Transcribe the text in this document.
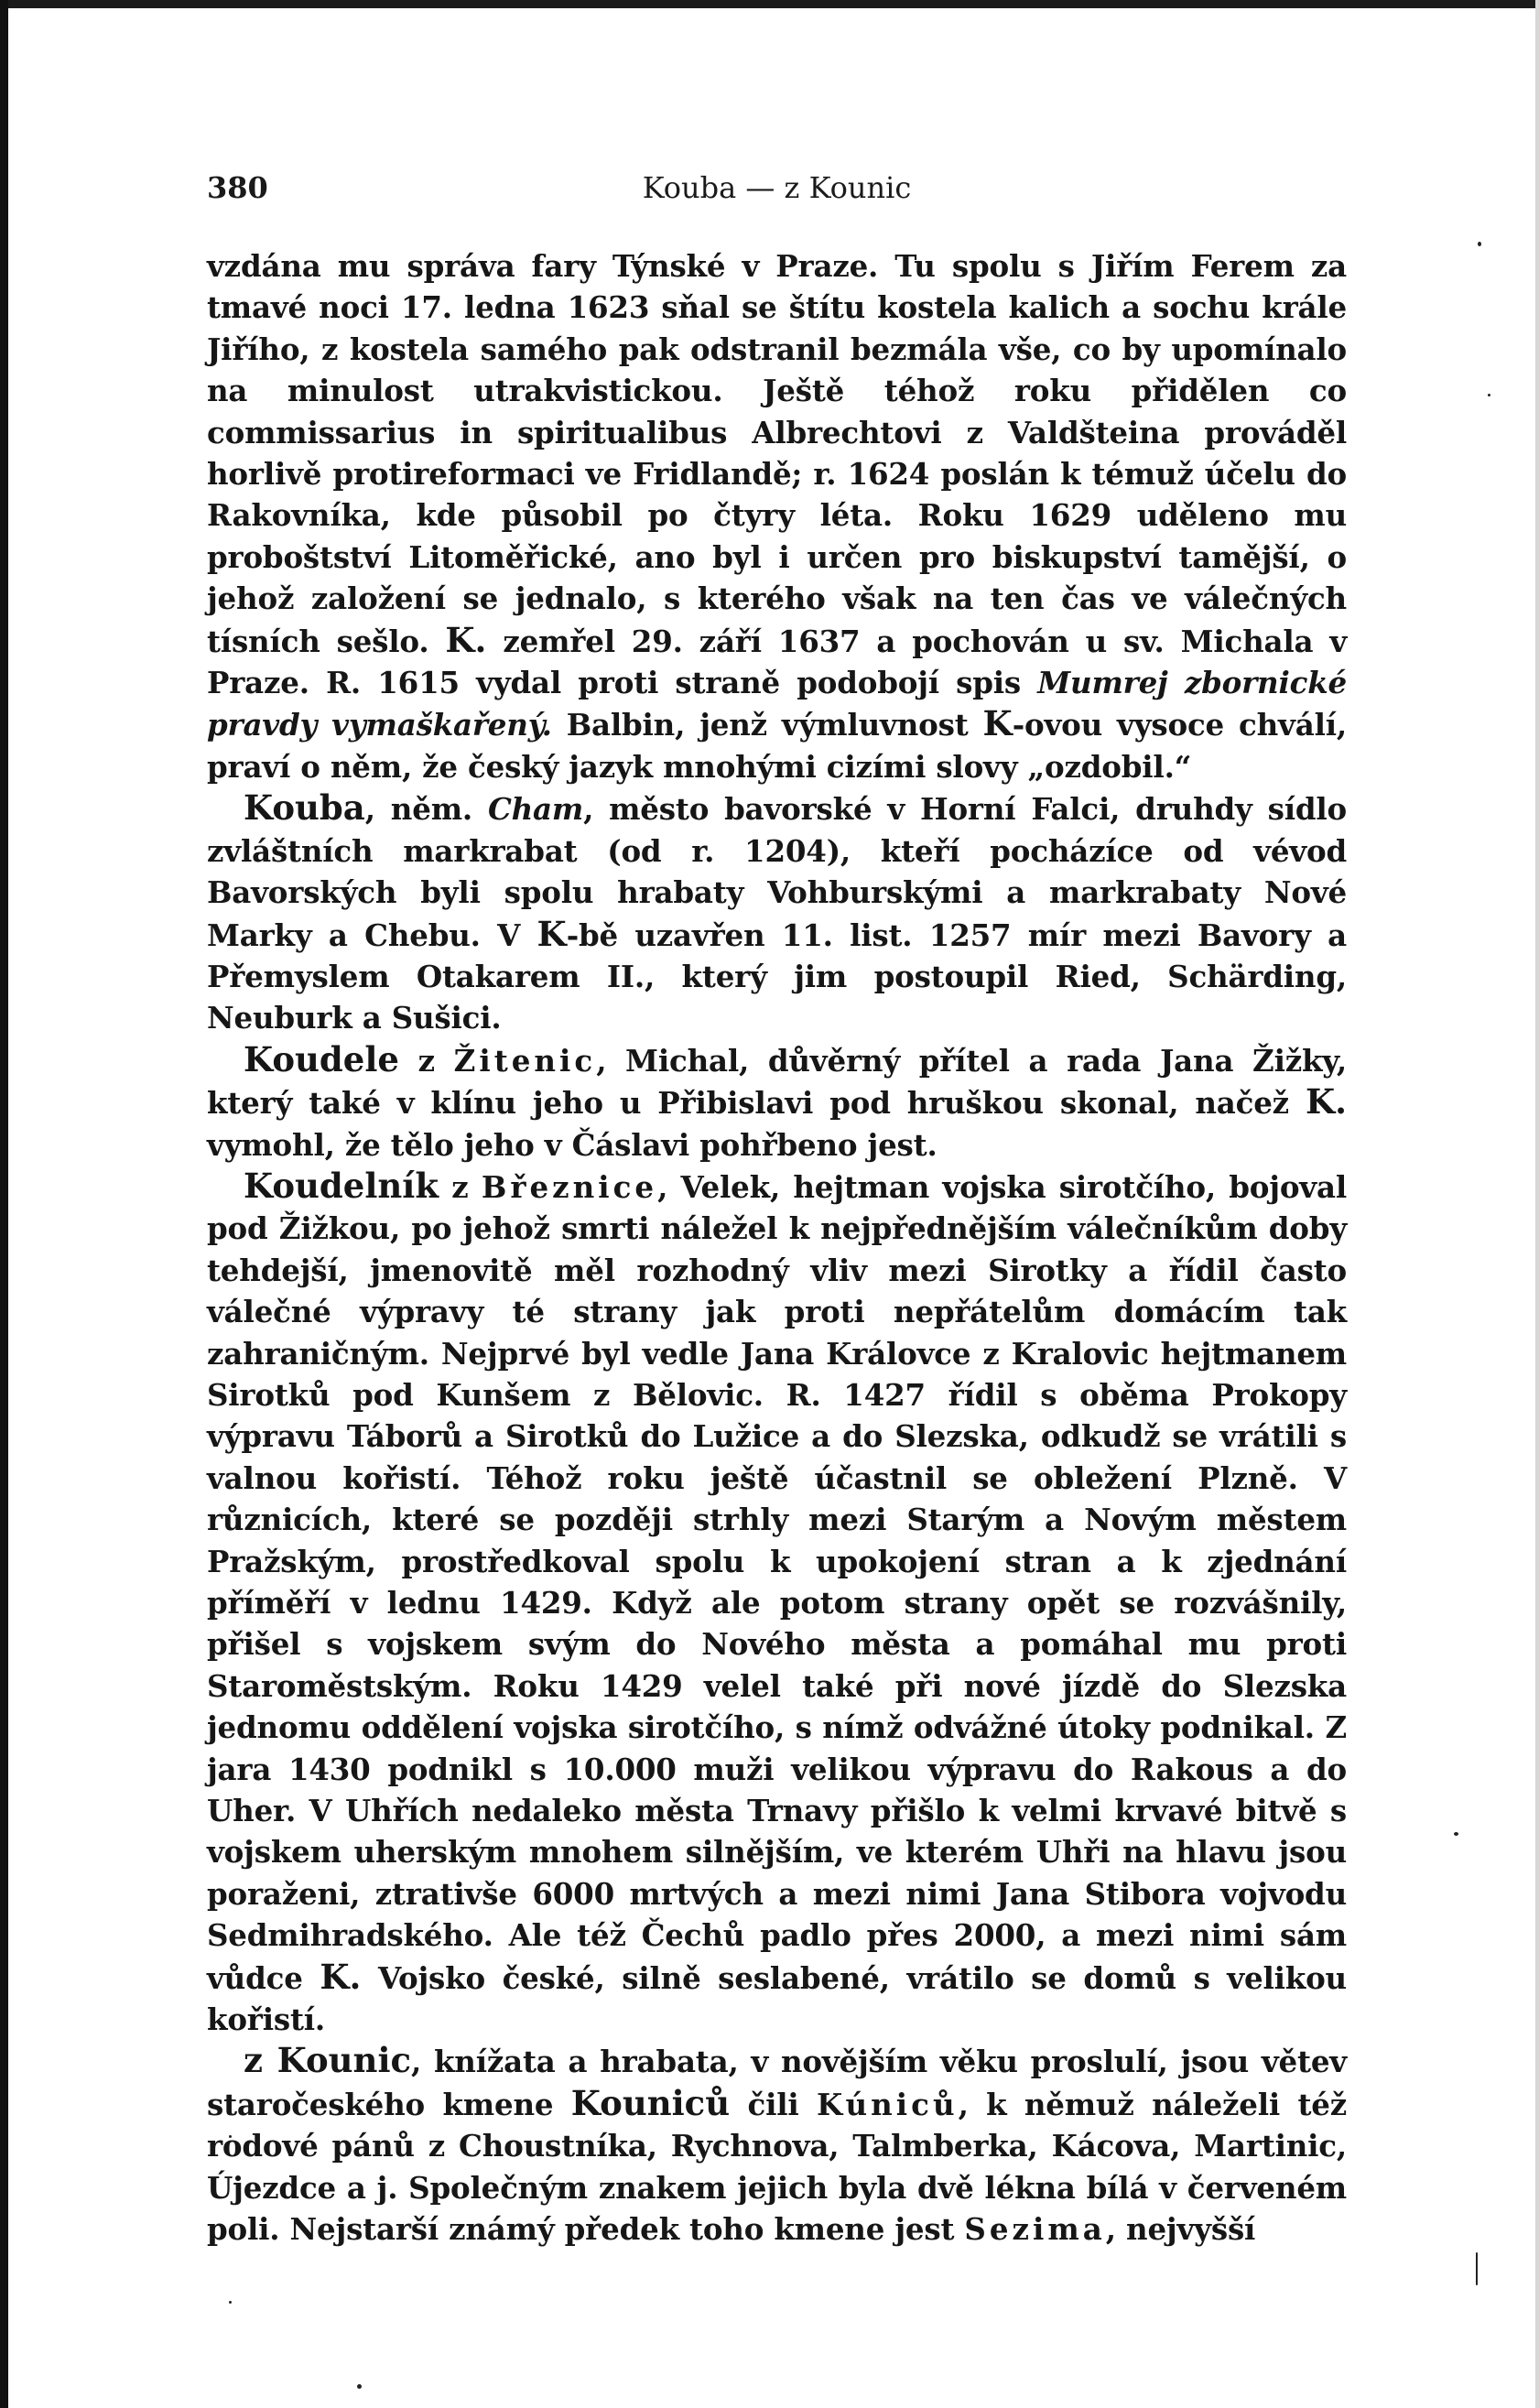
380	Kouba — z Kounic

vzdána mu správa fary Týnské v Praze. Tu spolu s Jiřím Ferem za tmavé noci 17. ledna 1623 sňal se štítu kostela kalich a sochu krále Jiřího, z kostela samého pak odstranil bezmála vše, co by upomínalo na minulost utrakvistickou. Ještě téhož roku přidělen co commissarius in spiritualibus Albrechtovi z Valdšteina prováděl horlivě protireformaci ve Fridlandě; r. 1624 poslán k témuž účelu do Rakovníka, kde působil po čtyry léta. Roku 1629 uděleno mu proboštství Litoměřické, ano byl i určen pro biskupství tamější, o jehož založení se jednalo, s kterého však na ten čas ve válečných tísních sešlo. K. zemřel 29. září 1637 a pochován u sv. Michala v Praze. R. 1615 vydal proti straně podobojí spis Mumrej zbornické pravdy vymaškařený. Balbin, jenž výmluvnost K-ovou vysoce chválí, praví o něm, že český jazyk mnohými cizími slovy „ozdobil.“

Kouba, něm. Cham, město bavorské v Horní Falci, druhdy sídlo zvláštních markrabat (od r. 1204), kteří pocházíce od vévod Bavorských byli spolu hrabaty Vohburskými a markrabaty Nové Marky a Chebu. V K-bě uzavřen 11. list. 1257 mír mezi Bavory a Přemyslem Otakarem II., který jim postoupil Ried, Schärding, Neuburk a Sušici.

Koudele z Žitenic, Michal, důvěrný přítel a rada Jana Žižky, který také v klínu jeho u Přibislavi pod hruškou skonal, načež K. vymohl, že tělo jeho v Čáslavi pohřbeno jest.

Koudelník z Březnice, Velek, hejtman vojska sirotčího, bojoval pod Žižkou, po jehož smrti náležel k nejpřednějším válečníkům doby tehdejší, jmenovitě měl rozhodný vliv mezi Sirotky a řídil často válečné výpravy té strany jak proti nepřátelům domácím tak zahraničným. Nejprvé byl vedle Jana Královce z Kralovic hejtmanem Sirotků pod Kunšem z Bělovic. R. 1427 řídil s oběma Prokopy výpravu Táborů a Sirotků do Lužice a do Slezska, odkudž se vrátili s valnou kořistí. Téhož roku ještě účastnil se obležení Plzně. V různicích, které se později strhly mezi Starým a Novým městem Pražským, prostředkoval spolu k upokojení stran a k zjednání příměří v lednu 1429. Když ale potom strany opět se rozvášnily, přišel s vojskem svým do Nového města a pomáhal mu proti Staroměstským. Roku 1429 velel také při nové jízdě do Slezska jednomu oddělení vojska sirotčího, s nímž odvážné útoky podnikal. Z jara 1430 podnikl s 10.000 muži velikou výpravu do Rakous a do Uher. V Uhřích nedaleko města Trnavy přišlo k velmi krvavé bitvě s vojskem uherským mnohem silnějším, ve kterém Uhři na hlavu jsou poraženi, ztrativše 6000 mrtvých a mezi nimi Jana Stibora vojvodu Sedmihradského. Ale též Čechů padlo přes 2000, a mezi nimi sám vůdce K. Vojsko české, silně seslabené, vrátilo se domů s velikou kořistí.

z Kounic, knížata a hrabata, v novějším věku proslulí, jsou větev staročeského kmene Kouniců čili Kúniců, k němuž náleželi též rodové pánů z Choustníka, Rychnova, Talmberka, Kácova, Martinic, Újezdce a j. Společným znakem jejich byla dvě lékna bílá v červeném poli. Nejstarší známý předek toho kmene jest Sezima, nejvyšší
